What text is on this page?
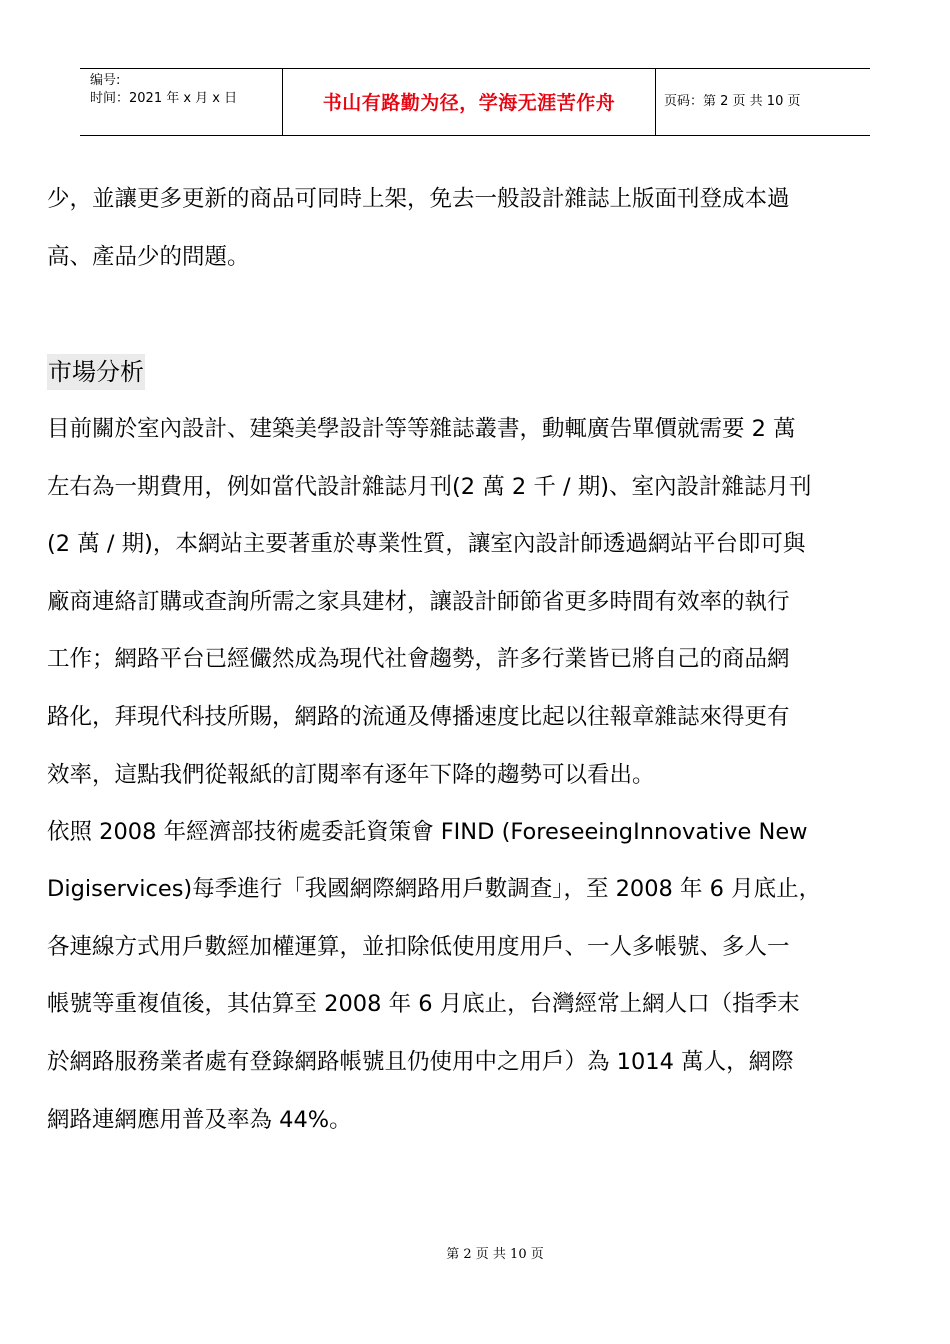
编号:
时间：2021 年 x 月 x 日	书山有路勤为径，学海无涯苦作舟	页码：第 2 页 共 10 页
少，並讓更多更新的商品可同時上架，免去一般設計雜誌上版面刊登成本過
高、產品少的問題。
目前關於室內設計、建築美學設計等等雜誌叢書，動輒廣告單價就需要 2 萬
左右為一期費用，例如當代設計雜誌月刊(2 萬 2 千 / 期)、室內設計雜誌月刊
(2 萬 / 期)，本網站主要著重於專業性質，讓室內設計師透過網站平台即可與
廠商連絡訂購或查詢所需之家具建材，讓設計師節省更多時間有效率的執行
工作；網路平台已經儼然成為現代社會趨勢，許多行業皆已將自己的商品網
路化，拜現代科技所賜，網路的流通及傳播速度比起以往報章雜誌來得更有
效率，這點我們從報紙的訂閱率有逐年下降的趨勢可以看出。
依照 2008 年經濟部技術處委託資策會 FIND (ForeseeingInnovative New
Digiservices)每季進行「我國網際網路用戶數調查」，至 2008 年 6 月底止，
各連線方式用戶數經加權運算，並扣除低使用度用戶、一人多帳號、多人一
帳號等重複值後，其估算至 2008 年 6 月底止，台灣經常上網人口（指季末
於網路服務業者處有登錄網路帳號且仍使用中之用戶）為 1014 萬人，網際
網路連網應用普及率為 44%。
市場分析
第 2 页 共 10 页
